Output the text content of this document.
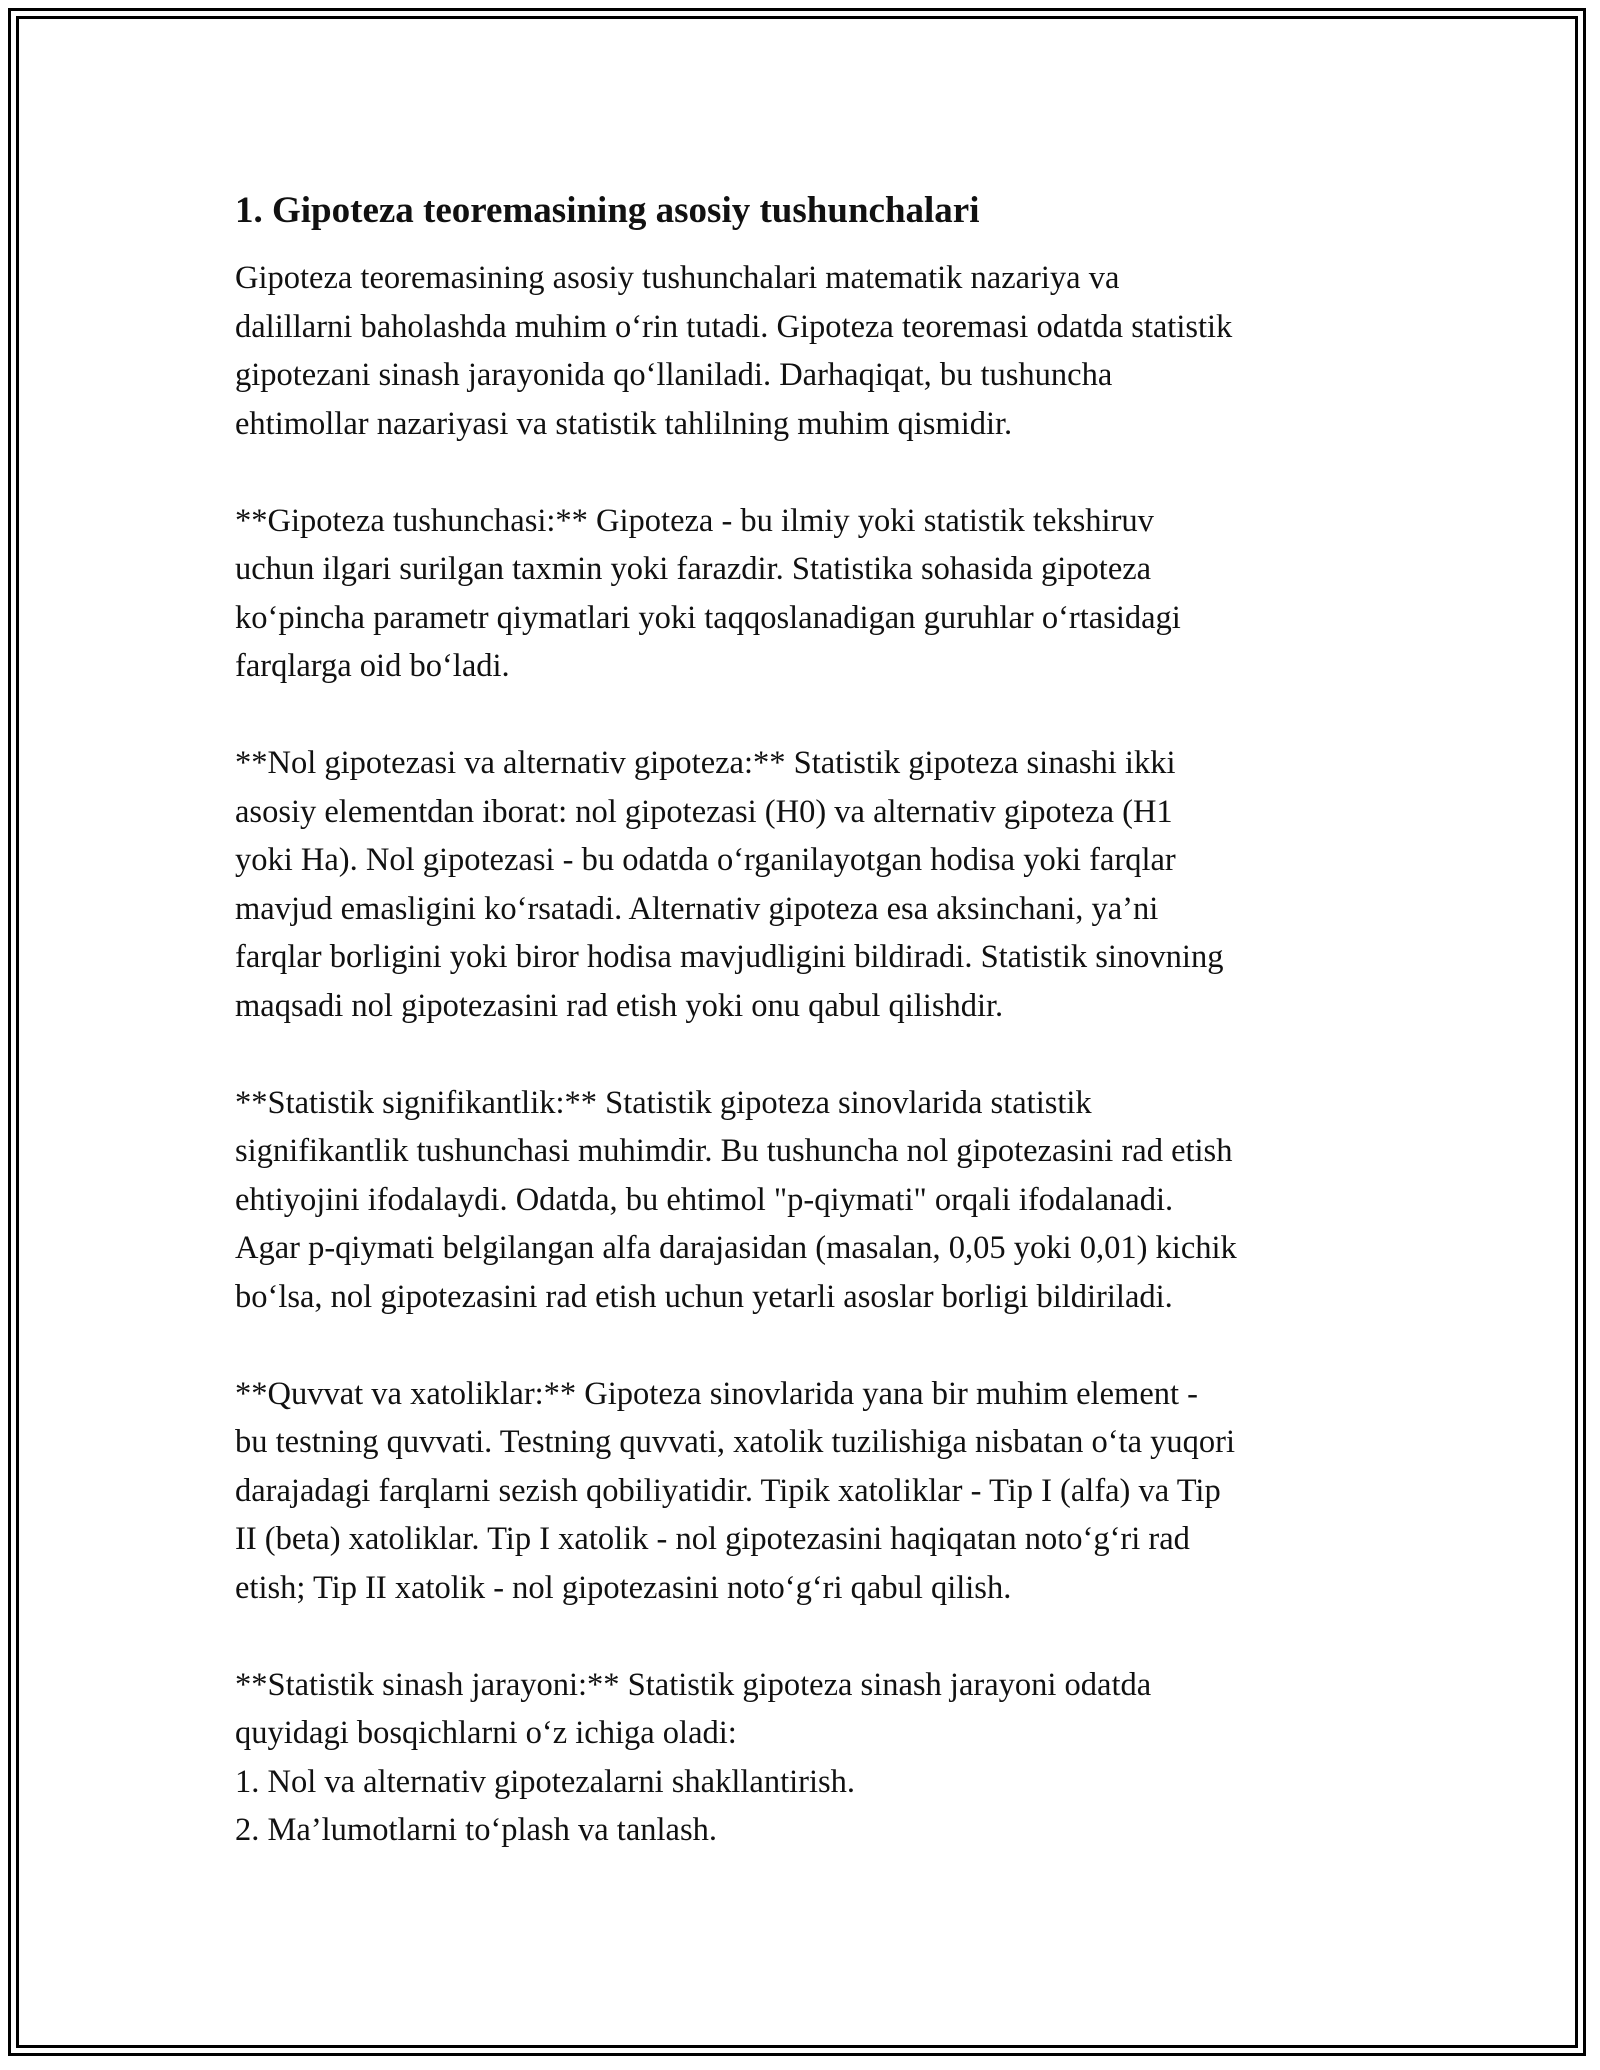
1. Gipoteza teoremasining asosiy tushunchalari
Gipoteza teoremasining asosiy tushunchalari matematik nazariya va
dalillarni baholashda muhim o‘rin tutadi. Gipoteza teoremasi odatda statistik
gipotezani sinash jarayonida qo‘llaniladi. Darhaqiqat, bu tushuncha
ehtimollar nazariyasi va statistik tahlilning muhim qismidir.
**Gipoteza tushunchasi:** Gipoteza - bu ilmiy yoki statistik tekshiruv
uchun ilgari surilgan taxmin yoki farazdir. Statistika sohasida gipoteza
ko‘pincha parametr qiymatlari yoki taqqoslanadigan guruhlar o‘rtasidagi
farqlarga oid bo‘ladi.
**Nol gipotezasi va alternativ gipoteza:** Statistik gipoteza sinashi ikki
asosiy elementdan iborat: nol gipotezasi (H0) va alternativ gipoteza (H1
yoki Ha). Nol gipotezasi - bu odatda o‘rganilayotgan hodisa yoki farqlar
mavjud emasligini ko‘rsatadi. Alternativ gipoteza esa aksinchani, ya’ni
farqlar borligini yoki biror hodisa mavjudligini bildiradi. Statistik sinovning
maqsadi nol gipotezasini rad etish yoki onu qabul qilishdir.
**Statistik signifikantlik:** Statistik gipoteza sinovlarida statistik
signifikantlik tushunchasi muhimdir. Bu tushuncha nol gipotezasini rad etish
ehtiyojini ifodalaydi. Odatda, bu ehtimol "p-qiymati" orqali ifodalanadi.
Agar p-qiymati belgilangan alfa darajasidan (masalan, 0,05 yoki 0,01) kichik
bo‘lsa, nol gipotezasini rad etish uchun yetarli asoslar borligi bildiriladi.
**Quvvat va xatoliklar:** Gipoteza sinovlarida yana bir muhim element -
bu testning quvvati. Testning quvvati, xatolik tuzilishiga nisbatan o‘ta yuqori
darajadagi farqlarni sezish qobiliyatidir. Tipik xatoliklar - Tip I (alfa) va Tip
II (beta) xatoliklar. Tip I xatolik - nol gipotezasini haqiqatan noto‘g‘ri rad
etish; Tip II xatolik - nol gipotezasini noto‘g‘ri qabul qilish.
**Statistik sinash jarayoni:** Statistik gipoteza sinash jarayoni odatda
quyidagi bosqichlarni o‘z ichiga oladi:
1. Nol va alternativ gipotezalarni shakllantirish.
2. Ma’lumotlarni to‘plash va tanlash.
